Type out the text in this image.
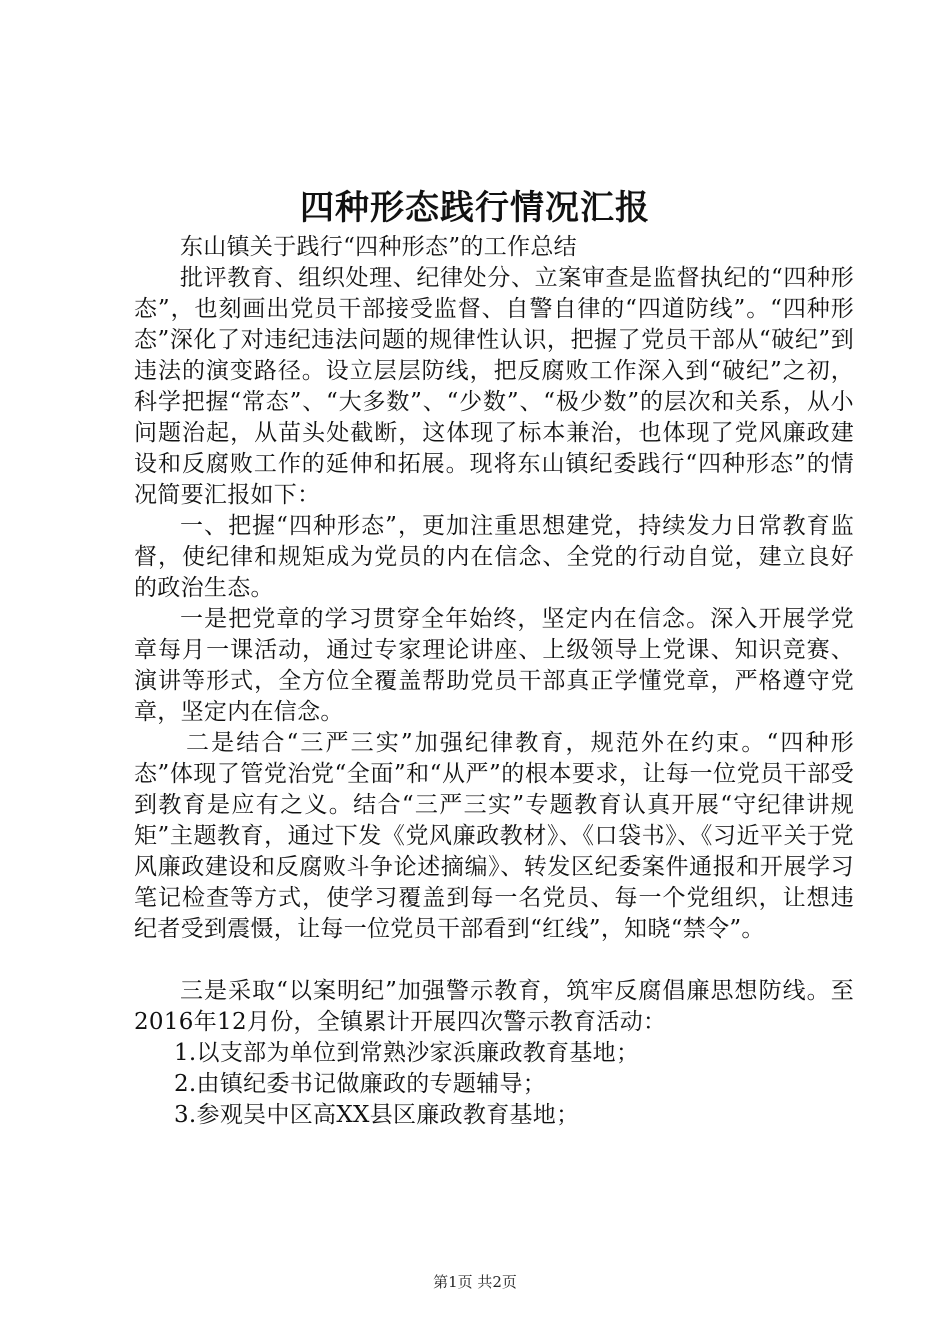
四种形态践行情况汇报

东山镇关于践行“四种形态”的工作总结

批评教育、组织处理、纪律处分、立案审查是监督执纪的“四种形态”，也刻画出党员干部接受监督、自警自律的“四道防线”。“四种形态”深化了对违纪违法问题的规律性认识，把握了党员干部从“破纪”到违法的演变路径。设立层层防线，把反腐败工作深入到“破纪”之初，科学把握“常态”、“大多数”、“少数”、“极少数”的层次和关系，从小问题治起，从苗头处截断，这体现了标本兼治，也体现了党风廉政建设和反腐败工作的延伸和拓展。现将东山镇纪委践行“四种形态”的情况简要汇报如下：

一、把握“四种形态”，更加注重思想建党，持续发力日常教育监督，使纪律和规矩成为党员的内在信念、全党的行动自觉，建立良好的政治生态。

一是把党章的学习贯穿全年始终，坚定内在信念。深入开展学党章每月一课活动，通过专家理论讲座、上级领导上党课、知识竞赛、演讲等形式，全方位全覆盖帮助党员干部真正学懂党章，严格遵守党章，坚定内在信念。

二是结合“三严三实”加强纪律教育，规范外在约束。“四种形态”体现了管党治党“全面”和“从严”的根本要求，让每一位党员干部受到教育是应有之义。结合“三严三实”专题教育认真开展“守纪律讲规矩”主题教育，通过下发《党风廉政教材》、《口袋书》、《习近平关于党风廉政建设和反腐败斗争论述摘编》、转发区纪委案件通报和开展学习笔记检查等方式，使学习覆盖到每一名党员、每一个党组织，让想违纪者受到震慑，让每一位党员干部看到“红线”，知晓“禁令”。

三是采取“以案明纪”加强警示教育，筑牢反腐倡廉思想防线。至2016年12月份，全镇累计开展四次警示教育活动：

1.以支部为单位到常熟沙家浜廉政教育基地；

2.由镇纪委书记做廉政的专题辅导；

3.参观吴中区高XX县区廉政教育基地；

第1页 共2页
